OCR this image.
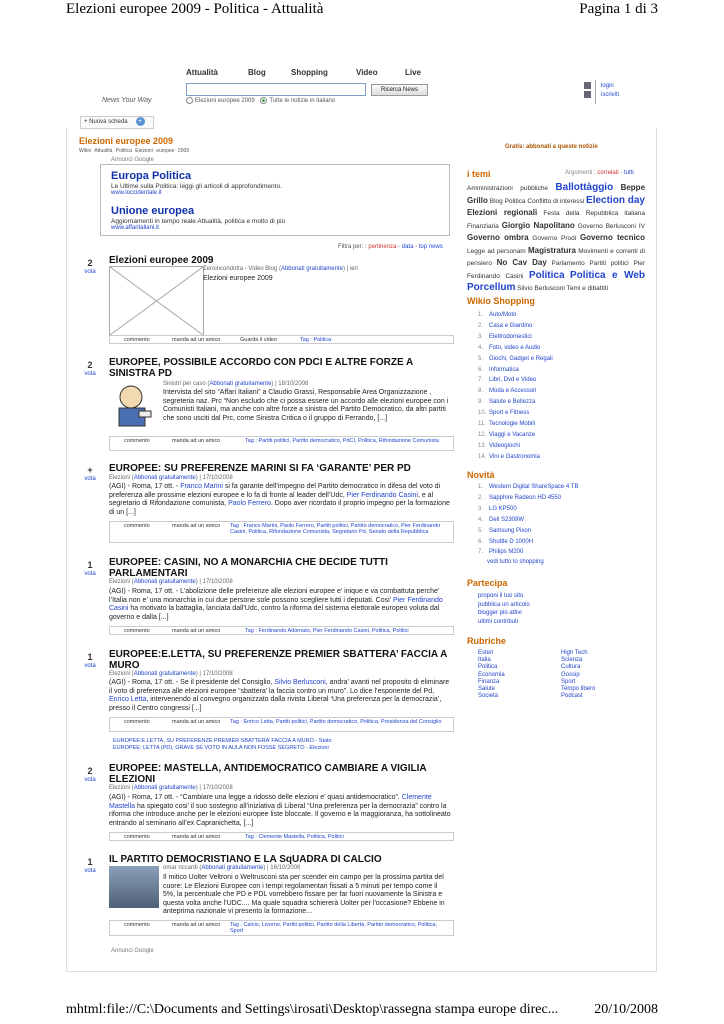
Elezioni europee 2009 - Politica - Attualità	Pagina 1 di 3
Attualità	Blog	Shopping	Video	Live
Ricerca News
News Your Way	Elezioni europee 2009 Tutte le notizie in italiano
login
iscriviti
+ Nuova scheda +
Elezioni europee 2009
Wikio Attualità Politica Elezioni europee 2009
Gratis: abbonati a queste notizie
Annunci Google
Europa Politica
Le Ultime sulla Politica: leggi gli articoli di approfondimento.
www.loccidentale.it
Unione europea
Aggiornamenti in tempo reale Attualità, politica e molto di più
www.affaritaliani.it
Filtra per: : pertinenza - data - top news
2
vota
Elezioni europee 2009
Zeroincondotta - Video Blog (Abbonati gratuitamente) | ieri
Elezioni europee 2009
commento	manda ad un amico	Guarda il video	Tag : Politica
2
vota
EUROPEE, POSSIBILE ACCORDO CON PDCI E ALTRE FORZE A SINISTRA PD
Sinistri per caso (Abbonati gratuitamente) | 18/10/2008
Intervista del sito “Affari Italiani” a Claudio Grassi, Responsabile Area Organizzazione , segreteria naz. Prc “Non escludo che ci possa essere un accordo alle elezioni europee con i Comunisti Italiani, ma anche con altre forze a sinistra del Partito Democratico, da altri partiti che sono usciti dal Prc, come Sinistra Critica o il gruppo di Ferrando, [...]
commento	manda ad un amico	Tag : Partiti politici, Partito democratico, PdCI, Politica, Rifondazione Comunista
+
vota
EUROPEE: SU PREFERENZE MARINI SI FA ‘GARANTE’ PER PD
Elezioni (Abbonati gratuitamente) | 17/10/2008
(AGI) - Roma, 17 ott. - Franco Marini si fa garante dell’impegno del Partito democratico in difesa del voto di preferenza alle prossime elezioni europee e lo fa di fronte al leader dell’Udc, Pier Ferdinando Casini, e al segretario di Rifondazione comunista, Paolo Ferrero. Dopo aver ricordato il proprio impegno per la formazione di un [...]
commento	manda ad un amico Tag : Franco Marini, Paolo Ferrero, Partiti politici, Partito democratico, Pier Ferdinando Casini, Politica, Rifondazione Comunista, Segretario Pd, Senato della Repubblica
1
vota
EUROPEE: CASINI, NO A MONARCHIA CHE DECIDE TUTTI PARLAMENTARI
Elezioni (Abbonati gratuitamente) | 17/10/2008
(AGI) - Roma, 17 ott. - L’abolizione delle preferenze alle elezioni europee e’ inique e va combattuta perche’ l’Italia non e’ una monarchia in cui due persone sole possono scegliere tutti i deputati. Cosi’ Pier Ferdinando Casini ha motivato la battaglia, lanciata dall’Udc, contro la riforma del sistema elettorale europeo voluta dal governo e dalla [...]
commento	manda ad un amico	Tag : Ferdinando Adornato, Pier Ferdinando Casini, Politica, Politici
1
vota
EUROPEE:E.LETTA, SU PREFERENZE PREMIER SBATTERA’ FACCIA A MURO
Elezioni (Abbonati gratuitamente) | 17/10/2008
(AGI) - Roma, 17 ott. - Se il presidente del Consiglio, Silvio Berlusconi, andra’ avanti nel proposito di eliminare il voto di preferenza alle elezioni europee “sbattera’ la faccia contro un muro”. Lo dice l’esponente del Pd, Enrico Letta, intervenendo al convegno organizzato dalla rivista Liberal ‘Una preferenza per la democrazia’, presso il Centro congressi [...]
commento	manda ad un amico Tag : Enrico Letta, Partiti politici, Partito democratico, Politica, Presidenza del Consiglio
EUROPEE:E.LETTA, SU PREFERENZE PREMIER SBATTERA’ FACCIA A MURO - Stato
EUROPEE: LETTA (PD), GRAVE SE VOTO IN AULA NON FOSSE SEGRETO - Elezioni
2
vota
EUROPEE: MASTELLA, ANTIDEMOCRATICO CAMBIARE A VIGILIA ELEZIONI
Elezioni (Abbonati gratuitamente) | 17/10/2008
(AGI) - Roma, 17 ott. - “Cambiare una legge a ridosso delle elezioni e’ quasi antidemocratico”. Clemente Mastella ha spiegato cosi’ il suo sostegno all’iniziativa di Liberal “Una preferenza per la democrazia” contro la riforma che introduce anche per le elezioni europee liste bloccate. Il governo e la maggioranza, ha sottolineato entrando al seminario all’ex Capranichetta, [...]
commento	manda ad un amico	Tag : Clemente Mastella, Politica, Politici
1
vota
IL PARTITO DEMOCRISTIANO E LA SqUADRA DI CALCIO
omar riccardi (Abbonati gratuitamente) | 16/10/2008
Il mitico Uolter Veltroni o Weltrusconi sta per scender ein campo per la prossima partita del cuore: Le Elezioni Europee con i tempi regolamentari fissati a 5 minuti per tempo come il 5%, la percentuale che PD e PDL vorrebbero fissare per far fuori nuovamente la Sinistra e questa volta anche l'UDC.... Ma quale squadra schiererà Uolter per l'occasione? Ebbene in anteprima nazionale vi presento la formazione...
commento	manda ad un amico Tag : Calcio, Livorno, Partiti politici, Partito della Libertà, Partito democratico, Politica, Sport
Annunci Google
i temi	Argomenti : correlati - tutti
Amministrazioni pubbliche Ballottàggio Beppe Grillo Blog Politica Conflitto di interessi Election day Elezioni regionali Festa della Repubblica italiana Finanziaria Giorgio Napolitano Governo Berlusconi IV Governo ombra Governo Prodi Governo tecnico Legge ad personam Magistratura Movimenti e correnti di pensiero No Cav Day Parlamento Partiti politici Pier Ferdinando Casini Politica Politica e Web Porcellum Silvio Berlusconi Temi e dibattiti
Wikio Shopping
1. Auto/Moto
2. Casa e Giardino
3. Elettrodomestici
4. Foto, video e Audio
5. Giochi, Gadget e Regali
6. Informatica
7. Libri, Dvd e Video
8. Moda e Accessori
9. Salute e Bellezza
10. Sport e Fitness
11. Tecnologie Mobili
12. Viaggi e Vacanze
13. Videogiochi
14. Vini e Gastronomia
Novità
1. Western Digital ShareSpace 4 TB
2. Sapphire Radeon HD 4550
3. LG KP500
4. Dell S2309W
5. Samsung Pixon
6. Shuttle D 1000H
7. Philips M200
vedi tutto lo shopping
Partecipa
proponi il tuo sito
pubblica un articolo
blogger più attivi
ultimi contributi
Rubriche
Esteri
Italia
Politica
Economia
Finanza
Salute
Società
High Tech
Scienza
Cultura
Gossip
Sport
Tempo libero
Podcast
mhtml:file://C:\Documents and Settings\irosati\Desktop\rassegna stampa europe direc...	20/10/2008
